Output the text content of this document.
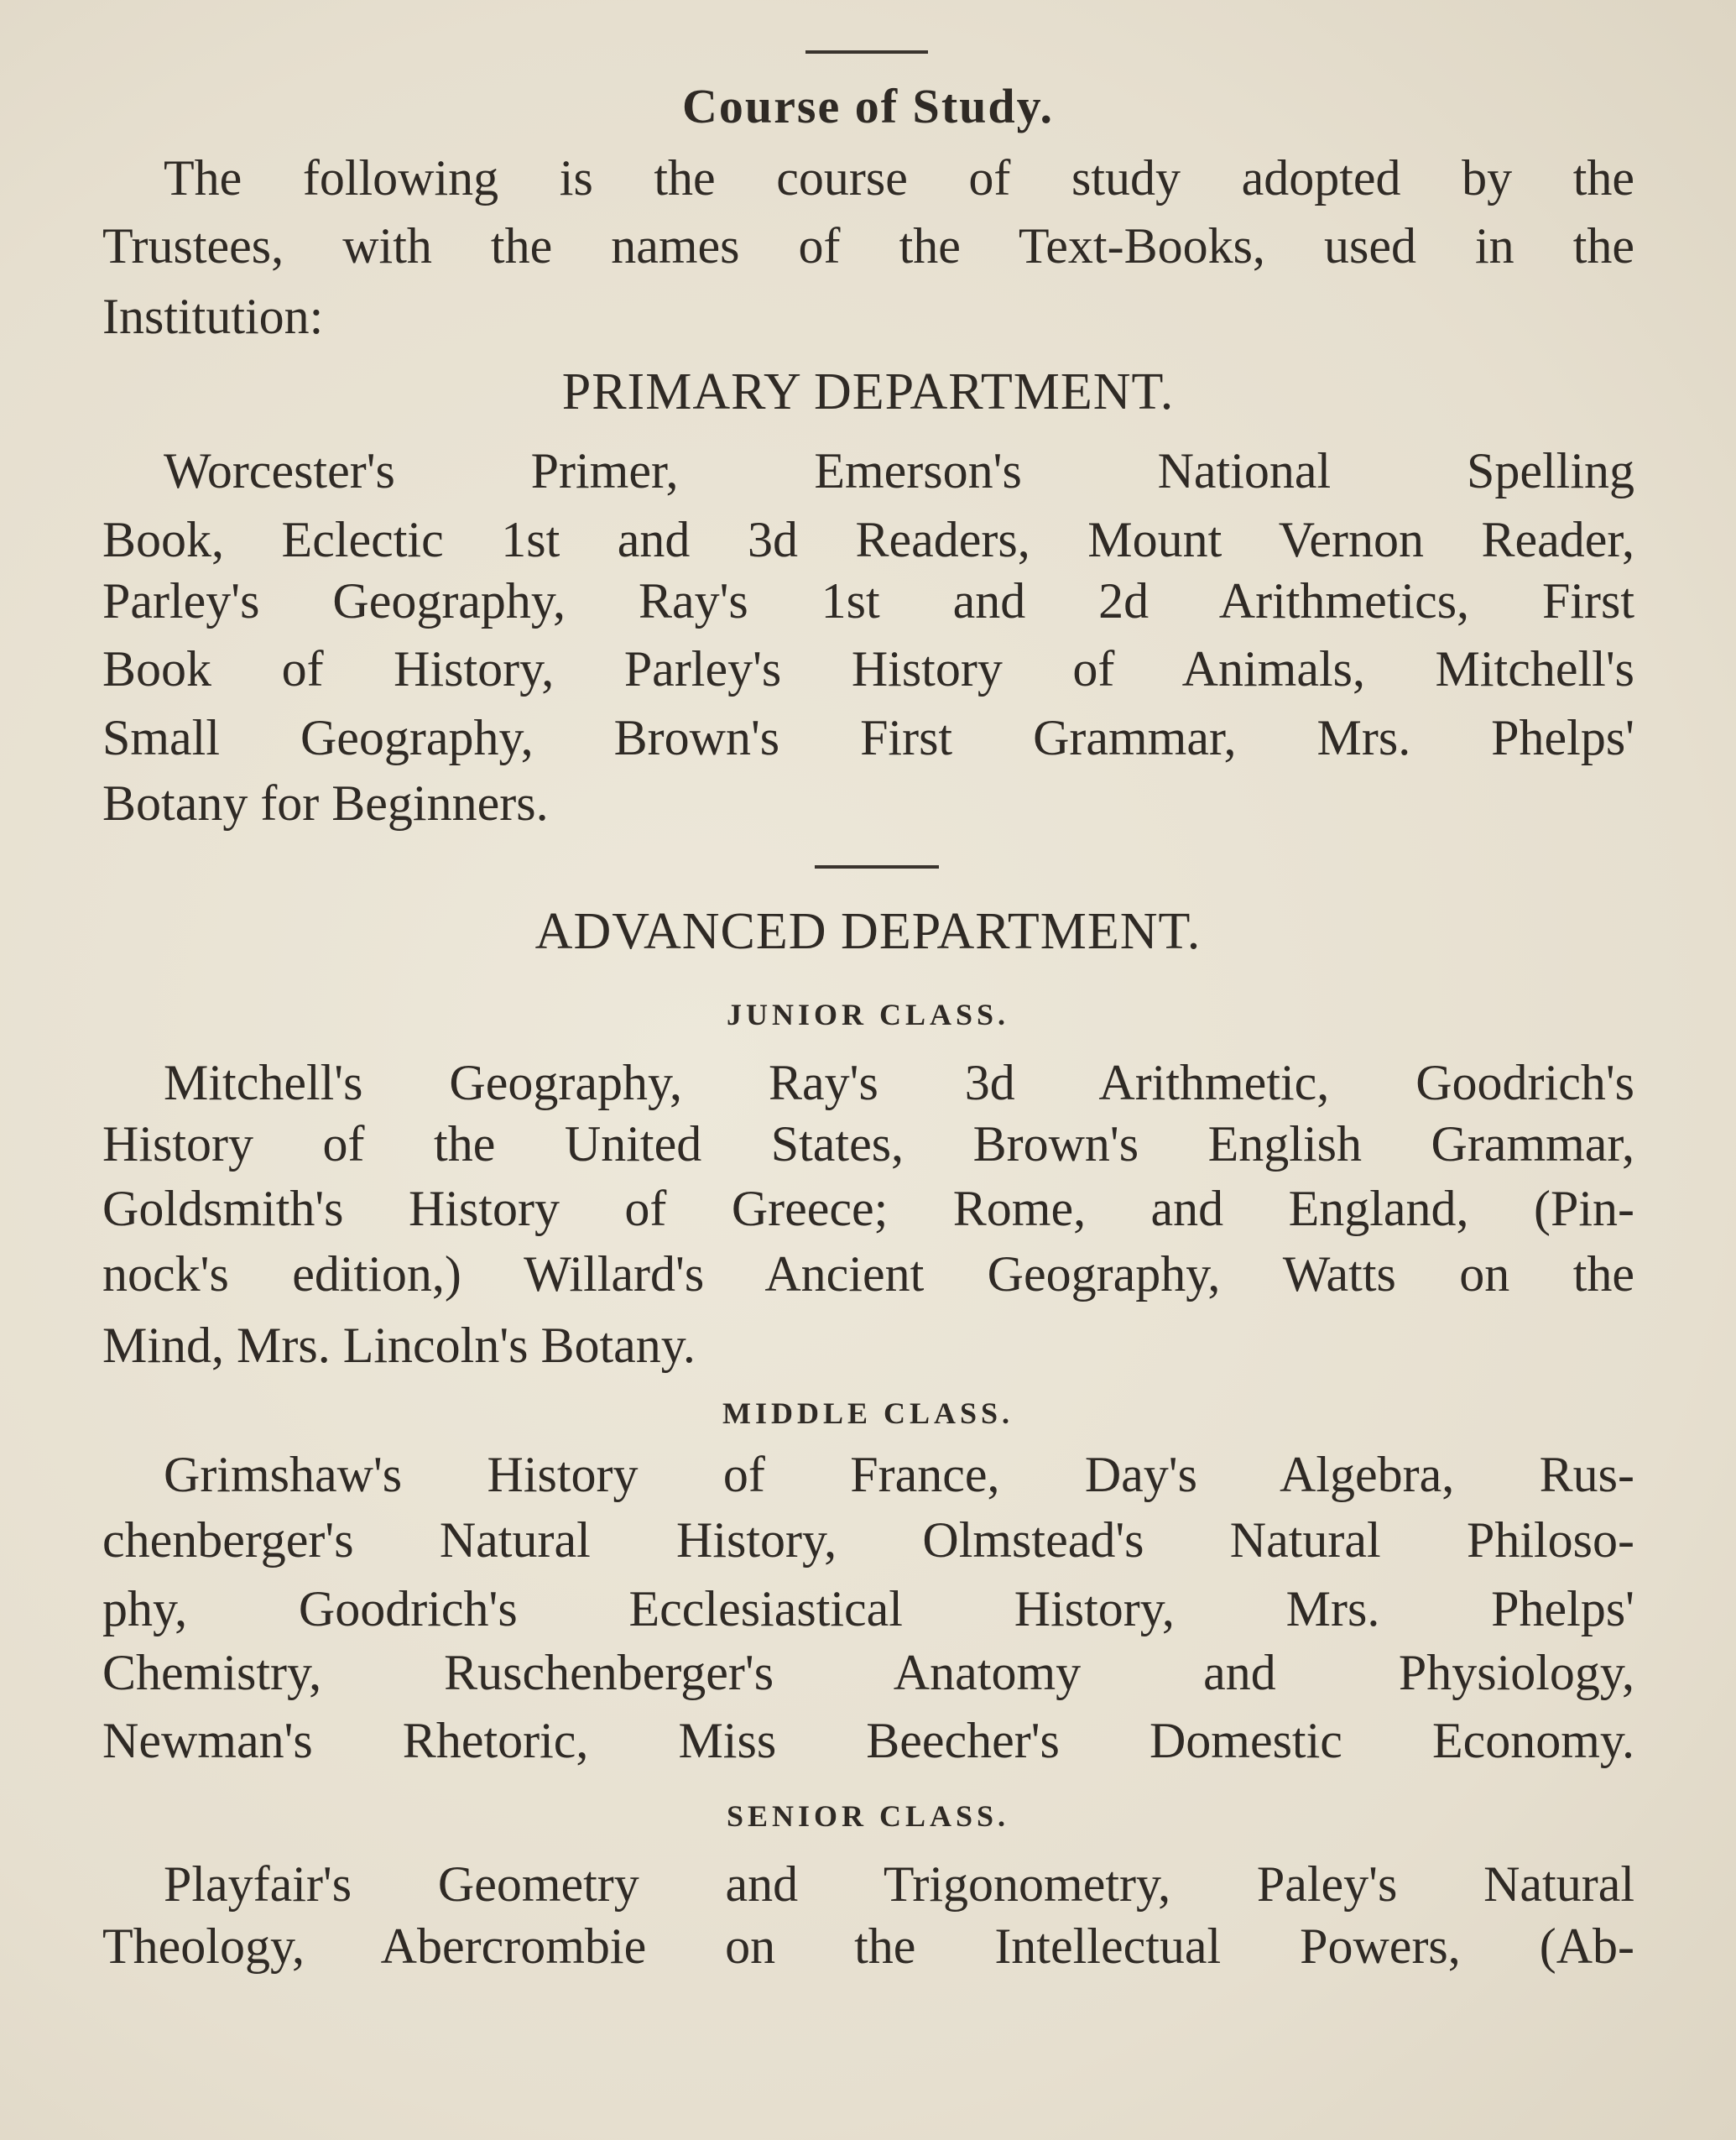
Course of Study.
PRIMARY DEPARTMENT.
ADVANCED DEPARTMENT.
JUNIOR CLASS.
MIDDLE CLASS.
SENIOR CLASS.
The following is the course of study adopted by the
Trustees, with the names of the Text-Books, used in the
Institution:
Worcester's Primer, Emerson's National Spelling
Book, Eclectic 1st and 3d Readers, Mount Vernon Reader,
Parley's Geography, Ray's 1st and 2d Arithmetics, First
Book of History, Parley's History of Animals, Mitchell's
Small Geography, Brown's First Grammar, Mrs. Phelps'
Botany for Beginners.
Mitchell's Geography, Ray's 3d Arithmetic, Goodrich's
History of the United States, Brown's English Grammar,
Goldsmith's History of Greece; Rome, and England, (Pin-
nock's edition,) Willard's Ancient Geography, Watts on the
Mind, Mrs. Lincoln's Botany.
Grimshaw's History of France, Day's Algebra, Rus-
chenberger's Natural History, Olmstead's Natural Philoso-
phy, Goodrich's Ecclesiastical History, Mrs. Phelps'
Chemistry, Ruschenberger's Anatomy and Physiology,
Newman's Rhetoric, Miss Beecher's Domestic Economy.
Playfair's Geometry and Trigonometry, Paley's Natural
Theology, Abercrombie on the Intellectual Powers, (Ab-
